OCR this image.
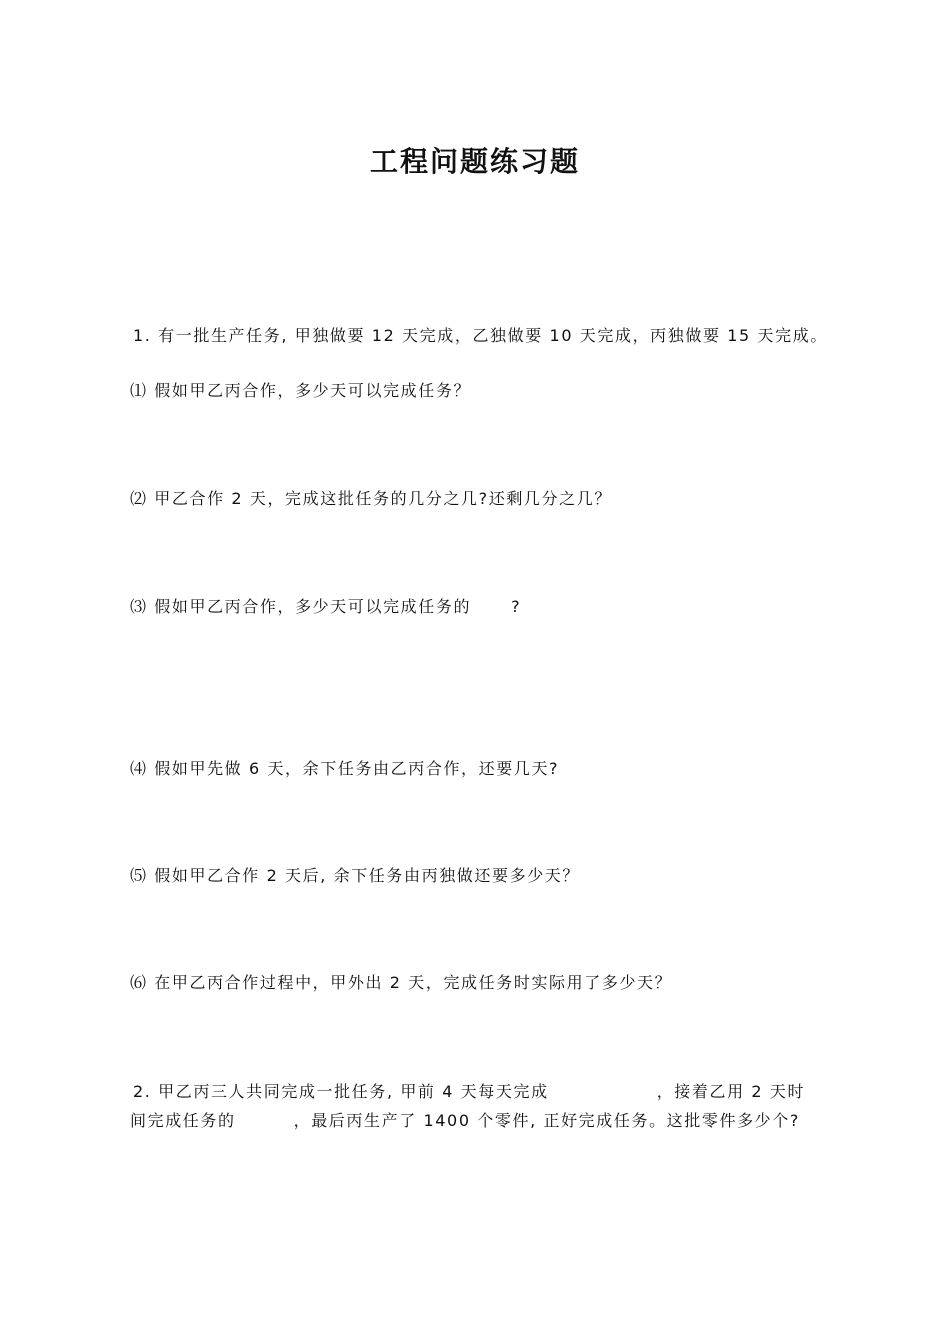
工程问题练习题
1. 有一批生产任务, 甲独做要 12 天完成，乙独做要 10 天完成，丙独做要 15 天完成。
⑴ 假如甲乙丙合作，多少天可以完成任务？
⑵ 甲乙合作 2 天，完成这批任务的几分之几?还剩几分之几？
⑶ 假如甲乙丙合作，多少天可以完成任务的	?
⑷ 假如甲先做 6 天，余下任务由乙丙合作，还要几天?
⑸ 假如甲乙合作 2 天后, 余下任务由丙独做还要多少天？
⑹ 在甲乙丙合作过程中，甲外出 2 天，完成任务时实际用了多少天？
2. 甲乙丙三人共同完成一批任务, 甲前 4 天每天完成	，接着乙用 2 天时
间完成任务的	，最后丙生产了 1400 个零件, 正好完成任务。这批零件多少个?
